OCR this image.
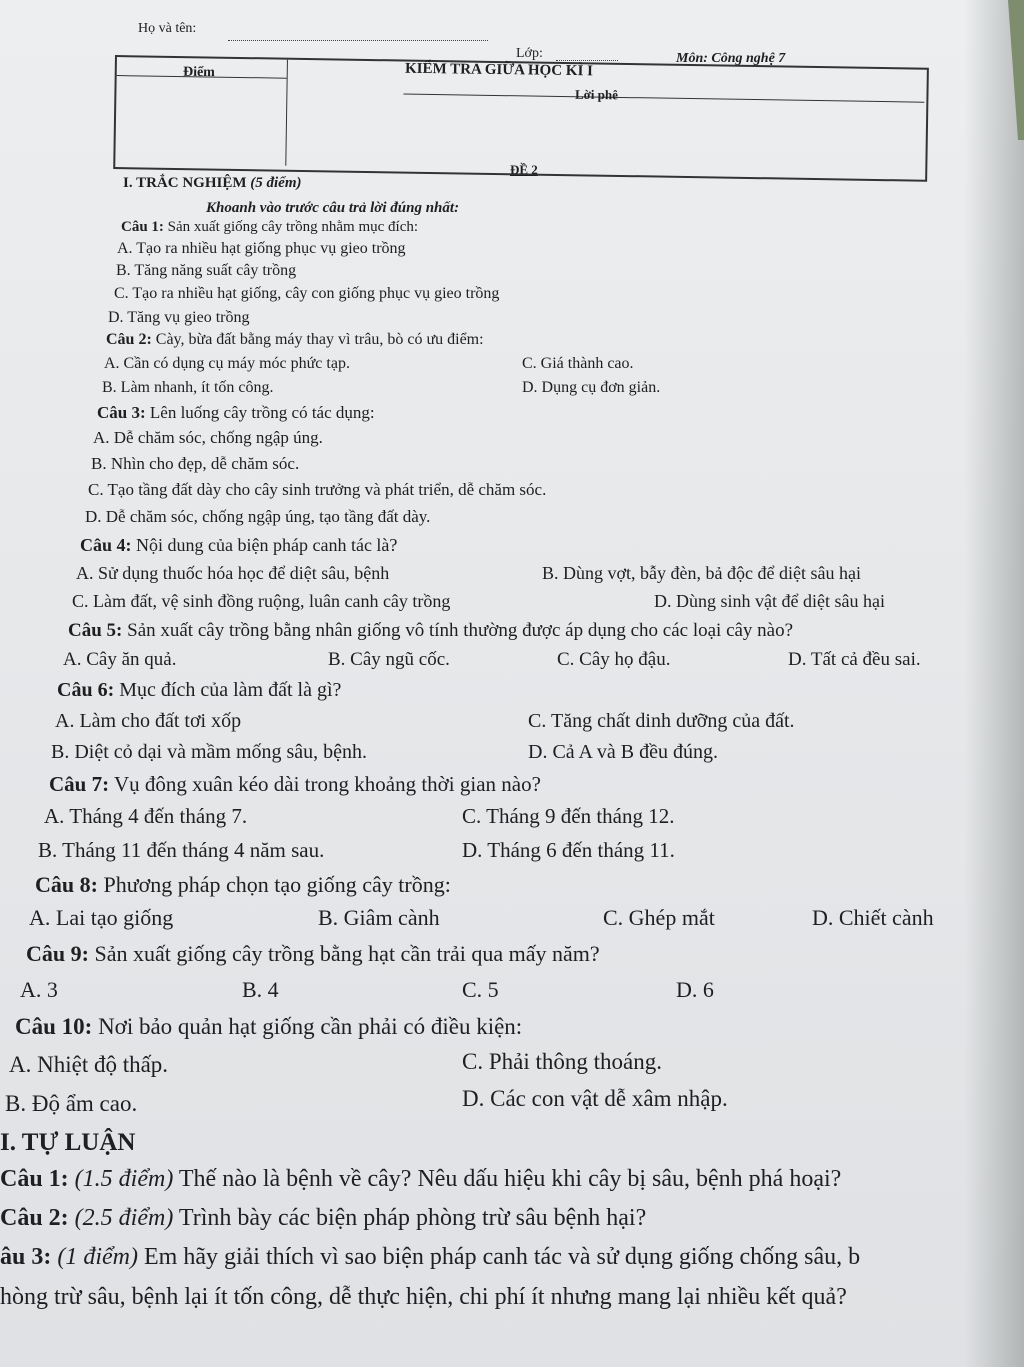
Họ và tên:
Lớp:	Môn: Công nghệ 7
Điểm	KIỂM TRA GIỮA HỌC KÌ I
Lời phê
ĐỀ 2
I. TRẮC NGHIỆM (5 điểm)
Khoanh vào trước câu trả lời đúng nhất:
Câu 1: Sản xuất giống cây trồng nhằm mục đích:
A. Tạo ra nhiều hạt giống phục vụ gieo trồng
B. Tăng năng suất cây trồng
C. Tạo ra nhiều hạt giống, cây con giống phục vụ gieo trồng
D. Tăng vụ gieo trồng
Câu 2: Cày, bừa đất bằng máy thay vì trâu, bò có ưu điểm:
A. Cần có dụng cụ máy móc phức tạp.	C. Giá thành cao.
B. Làm nhanh, ít tốn công.	D. Dụng cụ đơn giản.
Câu 3: Lên luống cây trồng có tác dụng:
A. Dễ chăm sóc, chống ngập úng.
B. Nhìn cho đẹp, dễ chăm sóc.
C. Tạo tầng đất dày cho cây sinh trưởng và phát triển, dễ chăm sóc.
D. Dễ chăm sóc, chống ngập úng, tạo tầng đất dày.
Câu 4: Nội dung của biện pháp canh tác là?
A. Sử dụng thuốc hóa học để diệt sâu, bệnh	B. Dùng vợt, bẫy đèn, bả độc để diệt sâu hại
C. Làm đất, vệ sinh đồng ruộng, luân canh cây trồng	D. Dùng sinh vật để diệt sâu hại
Câu 5: Sản xuất cây trồng bằng nhân giống vô tính thường được áp dụng cho các loại cây nào?
A. Cây ăn quả.	B. Cây ngũ cốc.	C. Cây họ đậu.	D. Tất cả đều sai.
Câu 6: Mục đích của làm đất là gì?
A. Làm cho đất tơi xốp	C. Tăng chất dinh dưỡng của đất.
B. Diệt cỏ dại và mầm mống sâu, bệnh.	D. Cả A và B đều đúng.
Câu 7: Vụ đông xuân kéo dài trong khoảng thời gian nào?
A. Tháng 4 đến tháng 7.	C. Tháng 9 đến tháng 12.
B. Tháng 11 đến tháng 4 năm sau.	D. Tháng 6 đến tháng 11.
Câu 8: Phương pháp chọn tạo giống cây trồng:
A. Lai tạo giống	B. Giâm cành	C. Ghép mắt	D. Chiết cành
Câu 9: Sản xuất giống cây trồng bằng hạt cần trải qua mấy năm?
A. 3	B. 4	C. 5	D. 6
Câu 10: Nơi bảo quản hạt giống cần phải có điều kiện:
A. Nhiệt độ thấp.	C. Phải thông thoáng.
B. Độ ẩm cao.	D. Các con vật dễ xâm nhập.
I. TỰ LUẬN
Câu 1: (1.5 điểm) Thế nào là bệnh về cây? Nêu dấu hiệu khi cây bị sâu, bệnh phá hoại?
Câu 2: (2.5 điểm) Trình bày các biện pháp phòng trừ sâu bệnh hại?
âu 3: (1 điểm) Em hãy giải thích vì sao biện pháp canh tác và sử dụng giống chống sâu, b
hòng trừ sâu, bệnh lại ít tốn công, dễ thực hiện, chi phí ít nhưng mang lại nhiều kết quả?
